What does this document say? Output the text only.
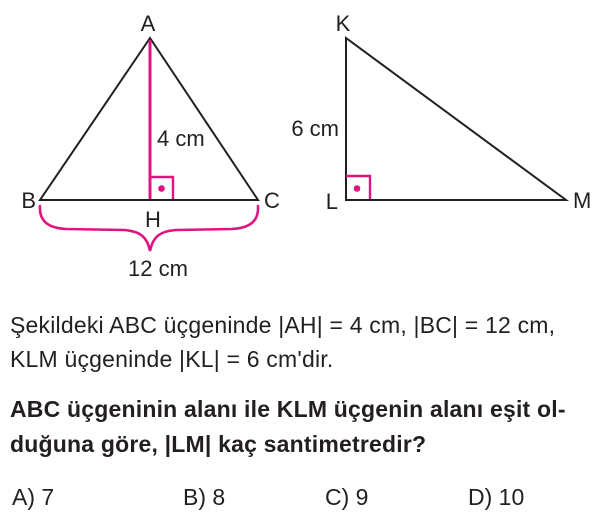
A
B	C
H
4 cm
12 cm
K
L	M
6 cm
Şekildeki ABC üçgeninde |AH| = 4 cm, |BC| = 12 cm,
KLM üçgeninde |KL| = 6 cm'dir.
ABC üçgeninin alanı ile KLM üçgenin alanı eşit ol-
duğuna göre, |LM| kaç santimetredir?
A) 7	B) 8	C) 9	D) 10
